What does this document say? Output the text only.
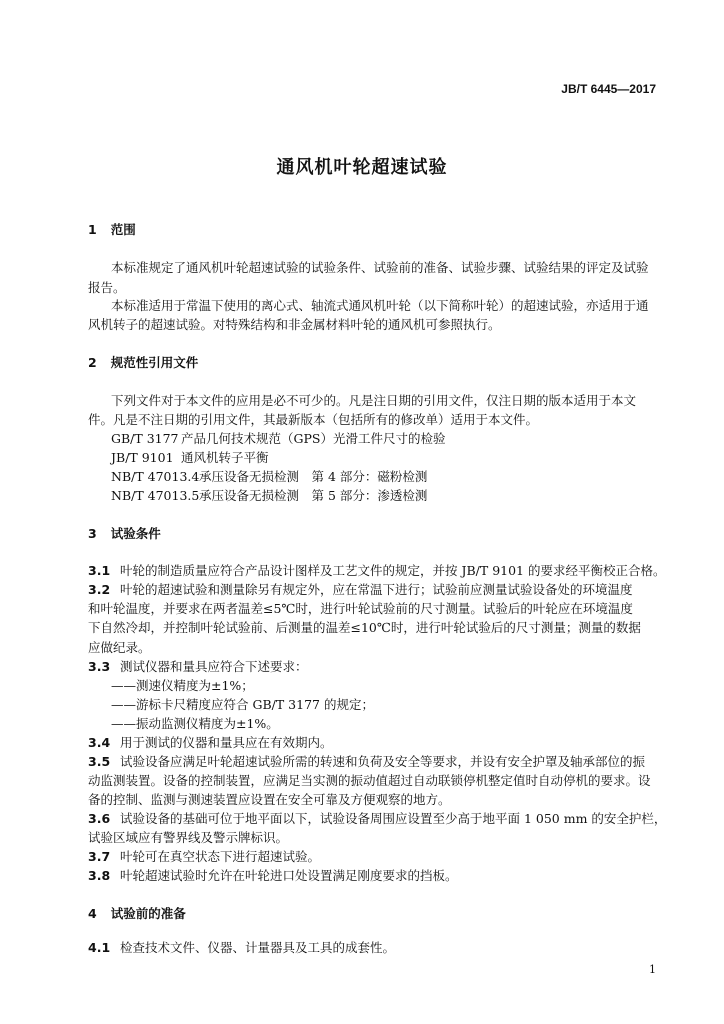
JB/T 6445—2017
通风机叶轮超速试验
1 范围
本标准规定了通风机叶轮超速试验的试验条件、试验前的准备、试验步骤、试验结果的评定及试验
报告。
本标准适用于常温下使用的离心式、轴流式通风机叶轮（以下简称叶轮）的超速试验，亦适用于通
风机转子的超速试验。对特殊结构和非金属材料叶轮的通风机可参照执行。
2 规范性引用文件
下列文件对于本文件的应用是必不可少的。凡是注日期的引用文件，仅注日期的版本适用于本文
件。凡是不注日期的引用文件，其最新版本（包括所有的修改单）适用于本文件。
GB/T 3177 产品几何技术规范（GPS）光滑工件尺寸的检验
JB/T 9101 通风机转子平衡
NB/T 47013.4承压设备无损检测　第 4 部分：磁粉检测
NB/T 47013.5承压设备无损检测　第 5 部分：渗透检测
3 试验条件
3.1 叶轮的制造质量应符合产品设计图样及工艺文件的规定，并按 JB/T 9101 的要求经平衡校正合格。
3.2 叶轮的超速试验和测量除另有规定外，应在常温下进行；试验前应测量试验设备处的环境温度
和叶轮温度，并要求在两者温差≤5℃时，进行叶轮试验前的尺寸测量。试验后的叶轮应在环境温度
下自然冷却，并控制叶轮试验前、后测量的温差≤10℃时，进行叶轮试验后的尺寸测量；测量的数据
应做纪录。
3.3 测试仪器和量具应符合下述要求：
——测速仪精度为±1%；
——游标卡尺精度应符合 GB/T 3177 的规定；
——振动监测仪精度为±1%。
3.4 用于测试的仪器和量具应在有效期内。
3.5 试验设备应满足叶轮超速试验所需的转速和负荷及安全等要求，并设有安全护罩及轴承部位的振
动监测装置。设备的控制装置，应满足当实测的振动值超过自动联锁停机整定值时自动停机的要求。设
备的控制、监测与测速装置应设置在安全可靠及方便观察的地方。
3.6 试验设备的基础可位于地平面以下，试验设备周围应设置至少高于地平面 1 050 mm 的安全护栏，
试验区域应有警界线及警示牌标识。
3.7 叶轮可在真空状态下进行超速试验。
3.8 叶轮超速试验时允许在叶轮进口处设置满足刚度要求的挡板。
4 试验前的准备
4.1 检查技术文件、仪器、计量器具及工具的成套性。
1
